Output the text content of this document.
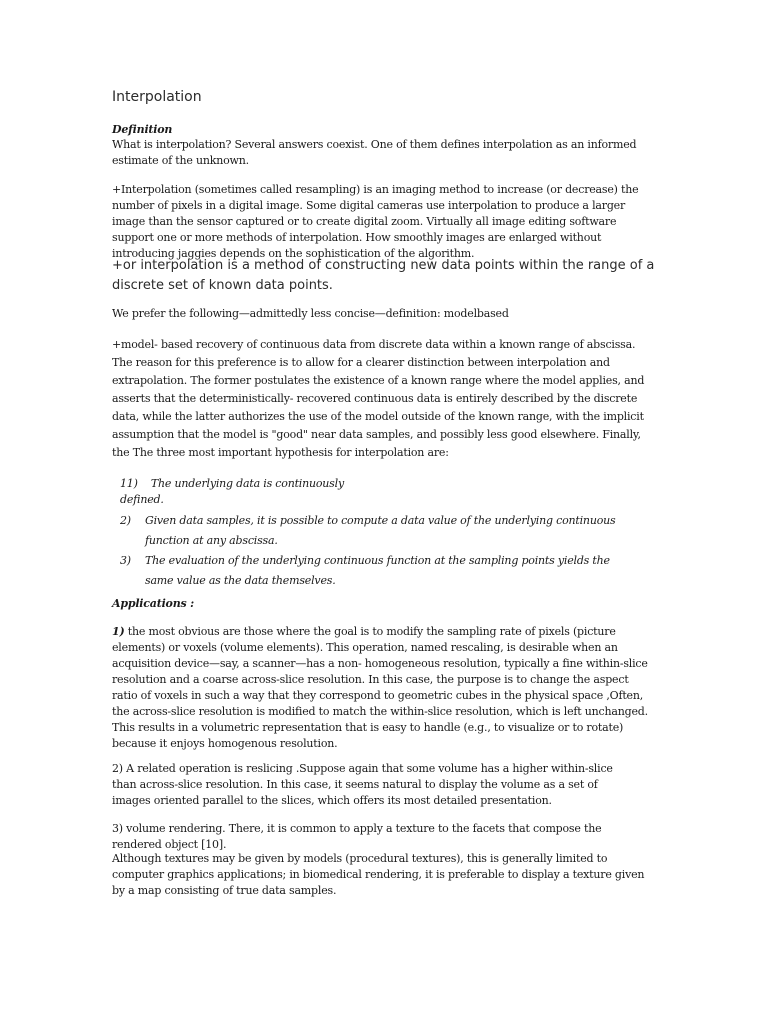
Interpolation
Definition

What is interpolation? Several answers coexist. One of them defines interpolation as an informed estimate of the unknown.

+Interpolation (sometimes called resampling) is an imaging method to increase (or decrease) the number of pixels in a digital image. Some digital cameras use interpolation to produce a larger image than the sensor captured or to create digital zoom. Virtually all image editing software support one or more methods of interpolation. How smoothly images are enlarged without introducing jaggies depends on the sophistication of the algorithm.

+or interpolation is a method of constructing new data points within the range of a discrete set of known data points.

We prefer the following—admittedly less concise—definition: modelbased

+model- based recovery of continuous data from discrete data within a known range of abscissa. The reason for this preference is to allow for a clearer distinction between interpolation and extrapolation. The former postulates the existence of a known range where the model applies, and asserts that the deterministically- recovered continuous data is entirely described by the discrete data, while the latter authorizes the use of the model outside of the known range, with the implicit assumption that the model is "good" near data samples, and possibly less good elsewhere. Finally, the The three most important hypothesis for interpolation are:

11) The underlying data is continuously defined.
2) Given data samples, it is possible to compute a data value of the underlying continuous function at any abscissa.
3) The evaluation of the underlying continuous function at the sampling points yields the same value as the data themselves.
Applications :

1) the most obvious are those where the goal is to modify the sampling rate of pixels (picture elements) or voxels (volume elements). This operation, named rescaling, is desirable when an acquisition device—say, a scanner—has a non- homogeneous resolution, typically a fine within-slice resolution and a coarse across-slice resolution. In this case, the purpose is to change the aspect ratio of voxels in such a way that they correspond to geometric cubes in the physical space ,Often, the across-slice resolution is modified to match the within-slice resolution, which is left unchanged. This results in a volumetric representation that is easy to handle (e.g., to visualize or to rotate) because it enjoys homogenous resolution.

2) A related operation is reslicing .Suppose again that some volume has a higher within-slice than across-slice resolution. In this case, it seems natural to display the volume as a set of images oriented parallel to the slices, which offers its most detailed presentation.

3) volume rendering. There, it is common to apply a texture to the facets that compose the rendered object [10].

Although textures may be given by models (procedural textures), this is generally limited to computer graphics applications; in biomedical rendering, it is preferable to display a texture given by a map consisting of true data samples.
